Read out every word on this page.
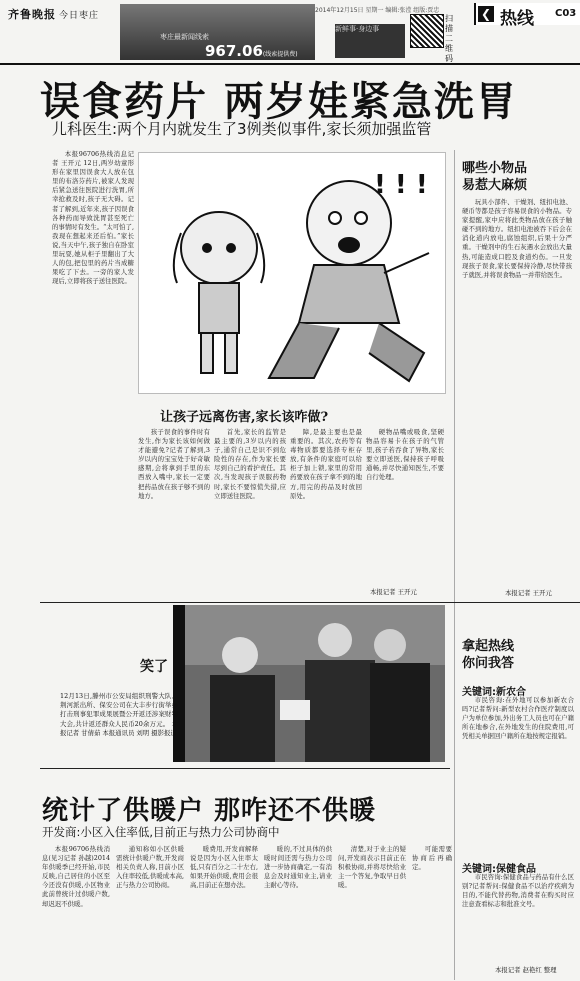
齐鲁晚报 今日枣庄
枣庄最新闻线索
967.06(线索提供费)
2014年12月15日 星期一 编辑:张滢 组版:贾忠
新鲜事·身边事
扫描二维码
❮ 热线 C03
误食药片 两岁娃紧急洗胃
儿科医生:两个月内就发生了3例类似事件,家长须加强监管

本报96706热线消息记者 王开元 12日,两岁幼童形形在家里因误食大人放在包里的布洛芬药片,被家人发现后紧急送往医院进行洗胃,所幸抢救及时,孩子无大碍。记者了解到,近年来,孩子因误食各种药而导致洗胃甚至死亡的事情时有发生。“太可怕了,我现在想起来还后怕。”家长说,当天中午,孩子独自在卧室里玩耍,她从柜子里翻出了大人的包,把包里的药片当成糖果吃了下去。一旁的家人发现后,立即将孩子送往医院。

! ! !
让孩子远离伤害,家长该咋做?

孩子误食的事件时有发生,作为家长该如何做才能避免?记者了解到,3岁以内的宝宝处于好奇敏感期,会将拿到手里的东西放入嘴中,家长一定要把药品放在孩子够不到的地方。

首先,家长的监管是最主要的,3岁以内的孩子,通常自己是识不到危险性的存在,作为家长要尽到自己的看护责任。其次,当发现孩子误服药物时,家长不要惊慌失措,应立即送往医院。

障,是最主要也是最重要的。其次,农药等有毒物质都要选择专柜存放,有条件的家庭可以给柜子加上锁,家里的常用药要放在孩子拿不到的地方,用完的药品及时放回原处。

硬物品嘴或吸食,坚硬物品容易卡在孩子的气管里,孩子若吞食了异物,家长要立即送医,保持孩子呼吸通畅,并尽快通知医生,不要自行处理。

本报记者 王开元
哪些小物品
易惹大麻烦

玩具小部件、干燥剂、纽扣电池、硬币等都是孩子容易误食的小物品。专家提醒,家中应将此类物品放在孩子触碰不到的地方。纽扣电池被吞下后会在消化道内放电,腐蚀组织,后果十分严重。干燥剂中的生石灰遇水会放出大量热,可能造成口腔及食道灼伤。一旦发现孩子误食,家长要保持冷静,尽快带孩子就医,并将误食物品一并带给医生。

本报记者 王开元
笑了
12月13日,滕州市公安局组织刑警大队、荆河派出所、保安公司在大丰步行街举办打击刑事犯罪成果展暨公开返还涉案财物大会,共计返还群众人民币20余万元。 本报记者 甘倩茹 本报通讯员 刘明 摄影报道
拿起热线
你问我答
关键词:新农合

市民咨询:在外地可以参加新农合吗?记者帮问:新型农村合作医疗制度以户为单位参加,外出务工人员也可在户籍所在地参合,在外地发生的住院费用,可凭相关单据回户籍所在地按规定报销。

关键词:保健食品

市民咨询:保健食品与药品有什么区别?记者帮问:保健食品不以治疗疾病为目的,不能代替药物,消费者在购买时应注意查看标志和批准文号。

本报记者 赵艳红 整理
统计了供暖户 那咋还不供暖
开发商:小区入住率低,目前正与热力公司协商中

本报96706热线消息(见习记者 孙越)2014年供暖季已经开始,市民反映,自己居住的小区至今还没有供暖,小区物业此前曾统计过供暖户数,却迟迟不供暖。

通知称如小区供暖需统计供暖户数,开发商相关负责人称,目前小区入住率较低,供暖成本高,正与热力公司协商。

暖费用,开发商解释说是因为小区入住率太低,只有百分之二十左右,如果开始供暖,费用会很高,目前正在想办法。

暖的,不过具体的供暖时间还需与热力公司进一步协商确定,一有消息会及时通知业主,请业主耐心等待。

清楚,对于业主的疑问,开发商表示目前正在积极协商,并将尽快给业主一个答复,争取早日供暖。

可能需要协商后再确定。
